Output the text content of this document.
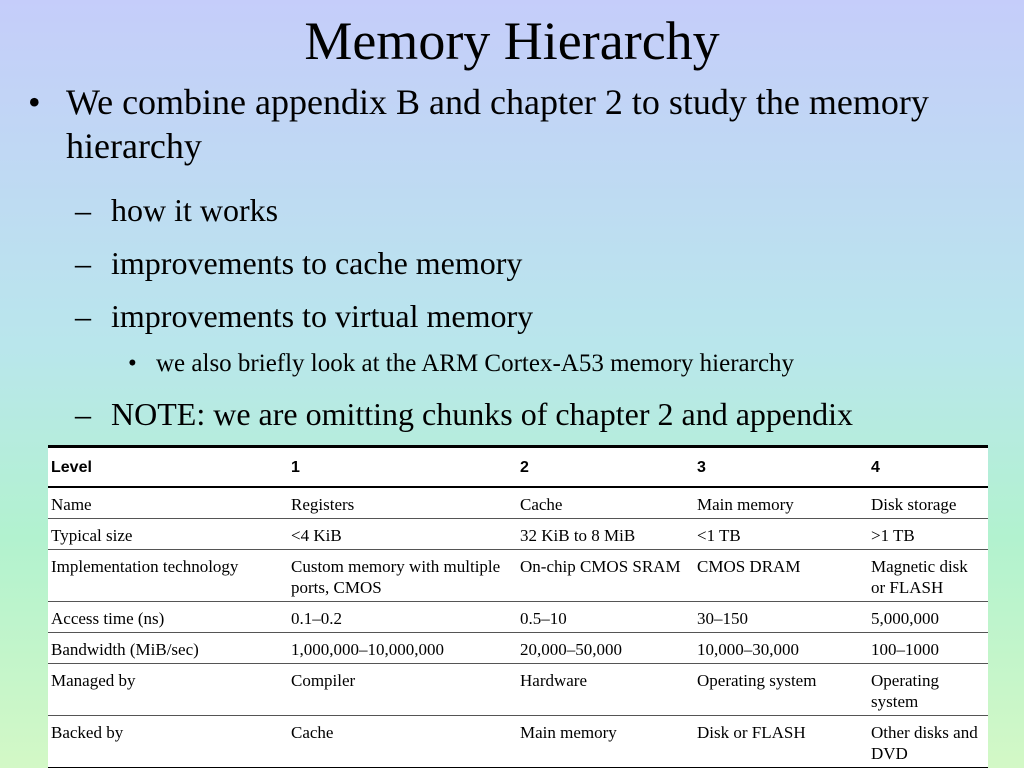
Memory Hierarchy
• We combine appendix B and chapter 2 to study the memory hierarchy
– how it works
– improvements to cache memory
– improvements to virtual memory
• we also briefly look at the ARM Cortex-A53 memory hierarchy
– NOTE: we are omitting chunks of chapter 2 and appendix
Level	1	2	3	4
Name	Registers	Cache	Main memory	Disk storage
Typical size	<4 KiB	32 KiB to 8 MiB	<1 TB	>1 TB
Implementation technology	Custom memory with multiple ports, CMOS	On-chip CMOS SRAM	CMOS DRAM	Magnetic disk or FLASH
Access time (ns)	0.1–0.2	0.5–10	30–150	5,000,000
Bandwidth (MiB/sec)	1,000,000–10,000,000	20,000–50,000	10,000–30,000	100–1000
Managed by	Compiler	Hardware	Operating system	Operating system
Backed by	Cache	Main memory	Disk or FLASH	Other disks and DVD
